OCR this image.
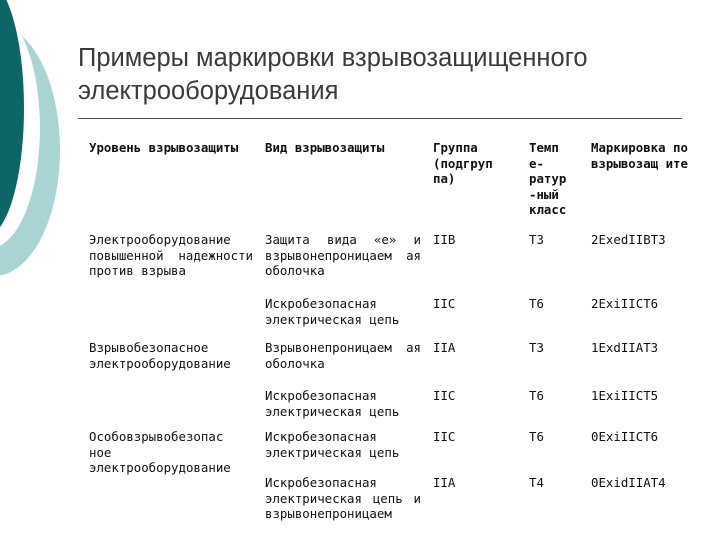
Примеры маркировки взрывозащищенного
электрооборудования
Уровень взрывозащиты	Вид взрывозащиты	Группа (подгруп па)	Темп е-ратур -ный класс	Маркировка по взрывозащ ите
Электрооборудование повышенной надежности против взрыва	Защита вида «е» и взрывонепроницаем ая оболочка	IIB	Т3	2ExedIIBT3
	Искробезопасная электрическая цепь	IIC	Т6	2ExiIICT6
Взрывобезопасное электрооборудование	Взрывонепроницаем ая оболочка	IIA	Т3	1ExdIIAT3
	Искробезопасная электрическая цепь	IIC	Т6	1ExiIICT5
Особовзрывобезопас ное электрооборудование	Искробезопасная электрическая цепь	IIC	Т6	0ExiIICT6
	Искробезопасная электрическая цепь и взрывонепроницаем	IIA	Т4	0ExidIIAT4
